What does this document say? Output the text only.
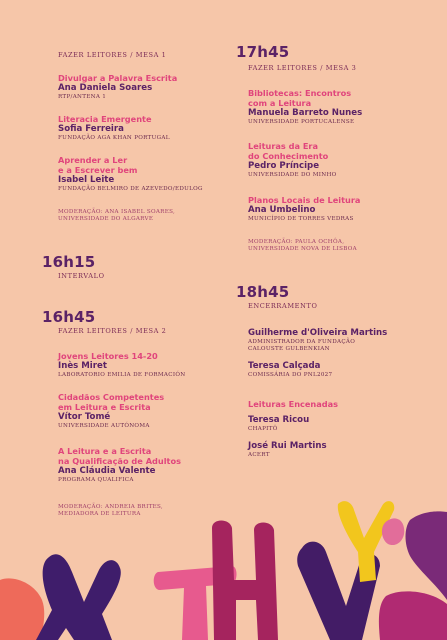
FAZER LEITORES / MESA 1
Divulgar a Palavra Escrita
Ana Daniela Soares
RTP/ANTENA 1
Literacia Emergente
Sofia Ferreira
FUNDAÇÃO AGA KHAN PORTUGAL
Aprender a Ler
e a Escrever bem
Isabel Leite
FUNDAÇÃO BELMIRO DE AZEVEDO/EDULOG
MODERAÇÃO: ANA ISABEL SOARES,
UNIVERSIDADE DO ALGARVE
16h15
INTERVALO
16h45
FAZER LEITORES / MESA 2
Jovens Leitores 14-20
Inès Miret
LABORATORIO EMILIA DE FORMACIÓN
Cidadãos Competentes
em Leitura e Escrita
Vítor Tomé
UNIVERSIDADE AUTÓNOMA
A Leitura e a Escrita
na Qualificação de Adultos
Ana Cláudia Valente
PROGRAMA QUALIFICA
MODERAÇÃO: ANDREIA BRITES,
MEDIADORA DE LEITURA
17h45
FAZER LEITORES / MESA 3
Bibliotecas: Encontros
com a Leitura
Manuela Barreto Nunes
UNIVERSIDADE PORTUCALENSE
Leituras da Era
do Conhecimento
Pedro Príncipe
UNIVERSIDADE DO MINHO
Planos Locais de Leitura
Ana Umbelino
MUNICÍPIO DE TORRES VEDRAS
MODERAÇÃO: PAULA OCHÔA,
UNIVERSIDADE NOVA DE LISBOA
18h45
ENCERRAMENTO
Guilherme d'Oliveira Martins
ADMINISTRADOR DA FUNDAÇÃO
CALOUSTE GULBENKIAN
Teresa Calçada
COMISSÁRIA DO PNL2027
Leituras Encenadas
Teresa Ricou
CHAPITÔ
José Rui Martins
ACERT
